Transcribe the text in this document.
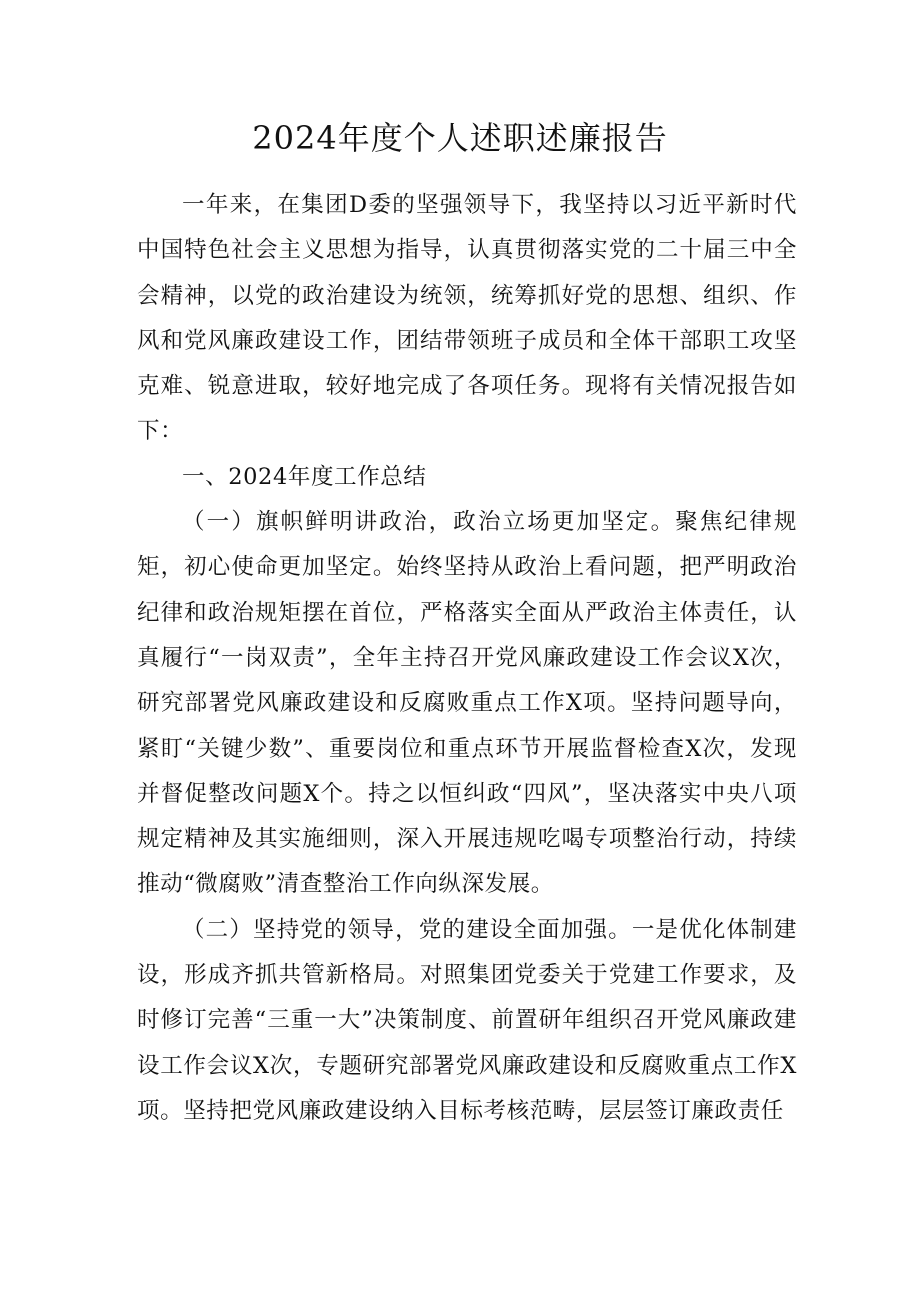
2024年度个人述职述廉报告

一年来，在集团D委的坚强领导下，我坚持以习近平新时代中国特色社会主义思想为指导，认真贯彻落实党的二十届三中全会精神，以党的政治建设为统领，统筹抓好党的思想、组织、作风和党风廉政建设工作，团结带领班子成员和全体干部职工攻坚克难、锐意进取，较好地完成了各项任务。现将有关情况报告如下：

一、2024年度工作总结

（一）旗帜鲜明讲政治，政治立场更加坚定。聚焦纪律规矩，初心使命更加坚定。始终坚持从政治上看问题，把严明政治纪律和政治规矩摆在首位，严格落实全面从严政治主体责任，认真履行“一岗双责”，全年主持召开党风廉政建设工作会议X次，研究部署党风廉政建设和反腐败重点工作X项。坚持问题导向，紧盯“关键少数”、重要岗位和重点环节开展监督检查X次，发现并督促整改问题X个。持之以恒纠政“四风”，坚决落实中央八项规定精神及其实施细则，深入开展违规吃喝专项整治行动，持续推动“微腐败”清查整治工作向纵深发展。

（二）坚持党的领导，党的建设全面加强。一是优化体制建设，形成齐抓共管新格局。对照集团党委关于党建工作要求，及时修订完善“三重一大”决策制度、前置研年组织召开党风廉政建设工作会议X次，专题研究部署党风廉政建设和反腐败重点工作X项。坚持把党风廉政建设纳入目标考核范畴，层层签订廉政责任
